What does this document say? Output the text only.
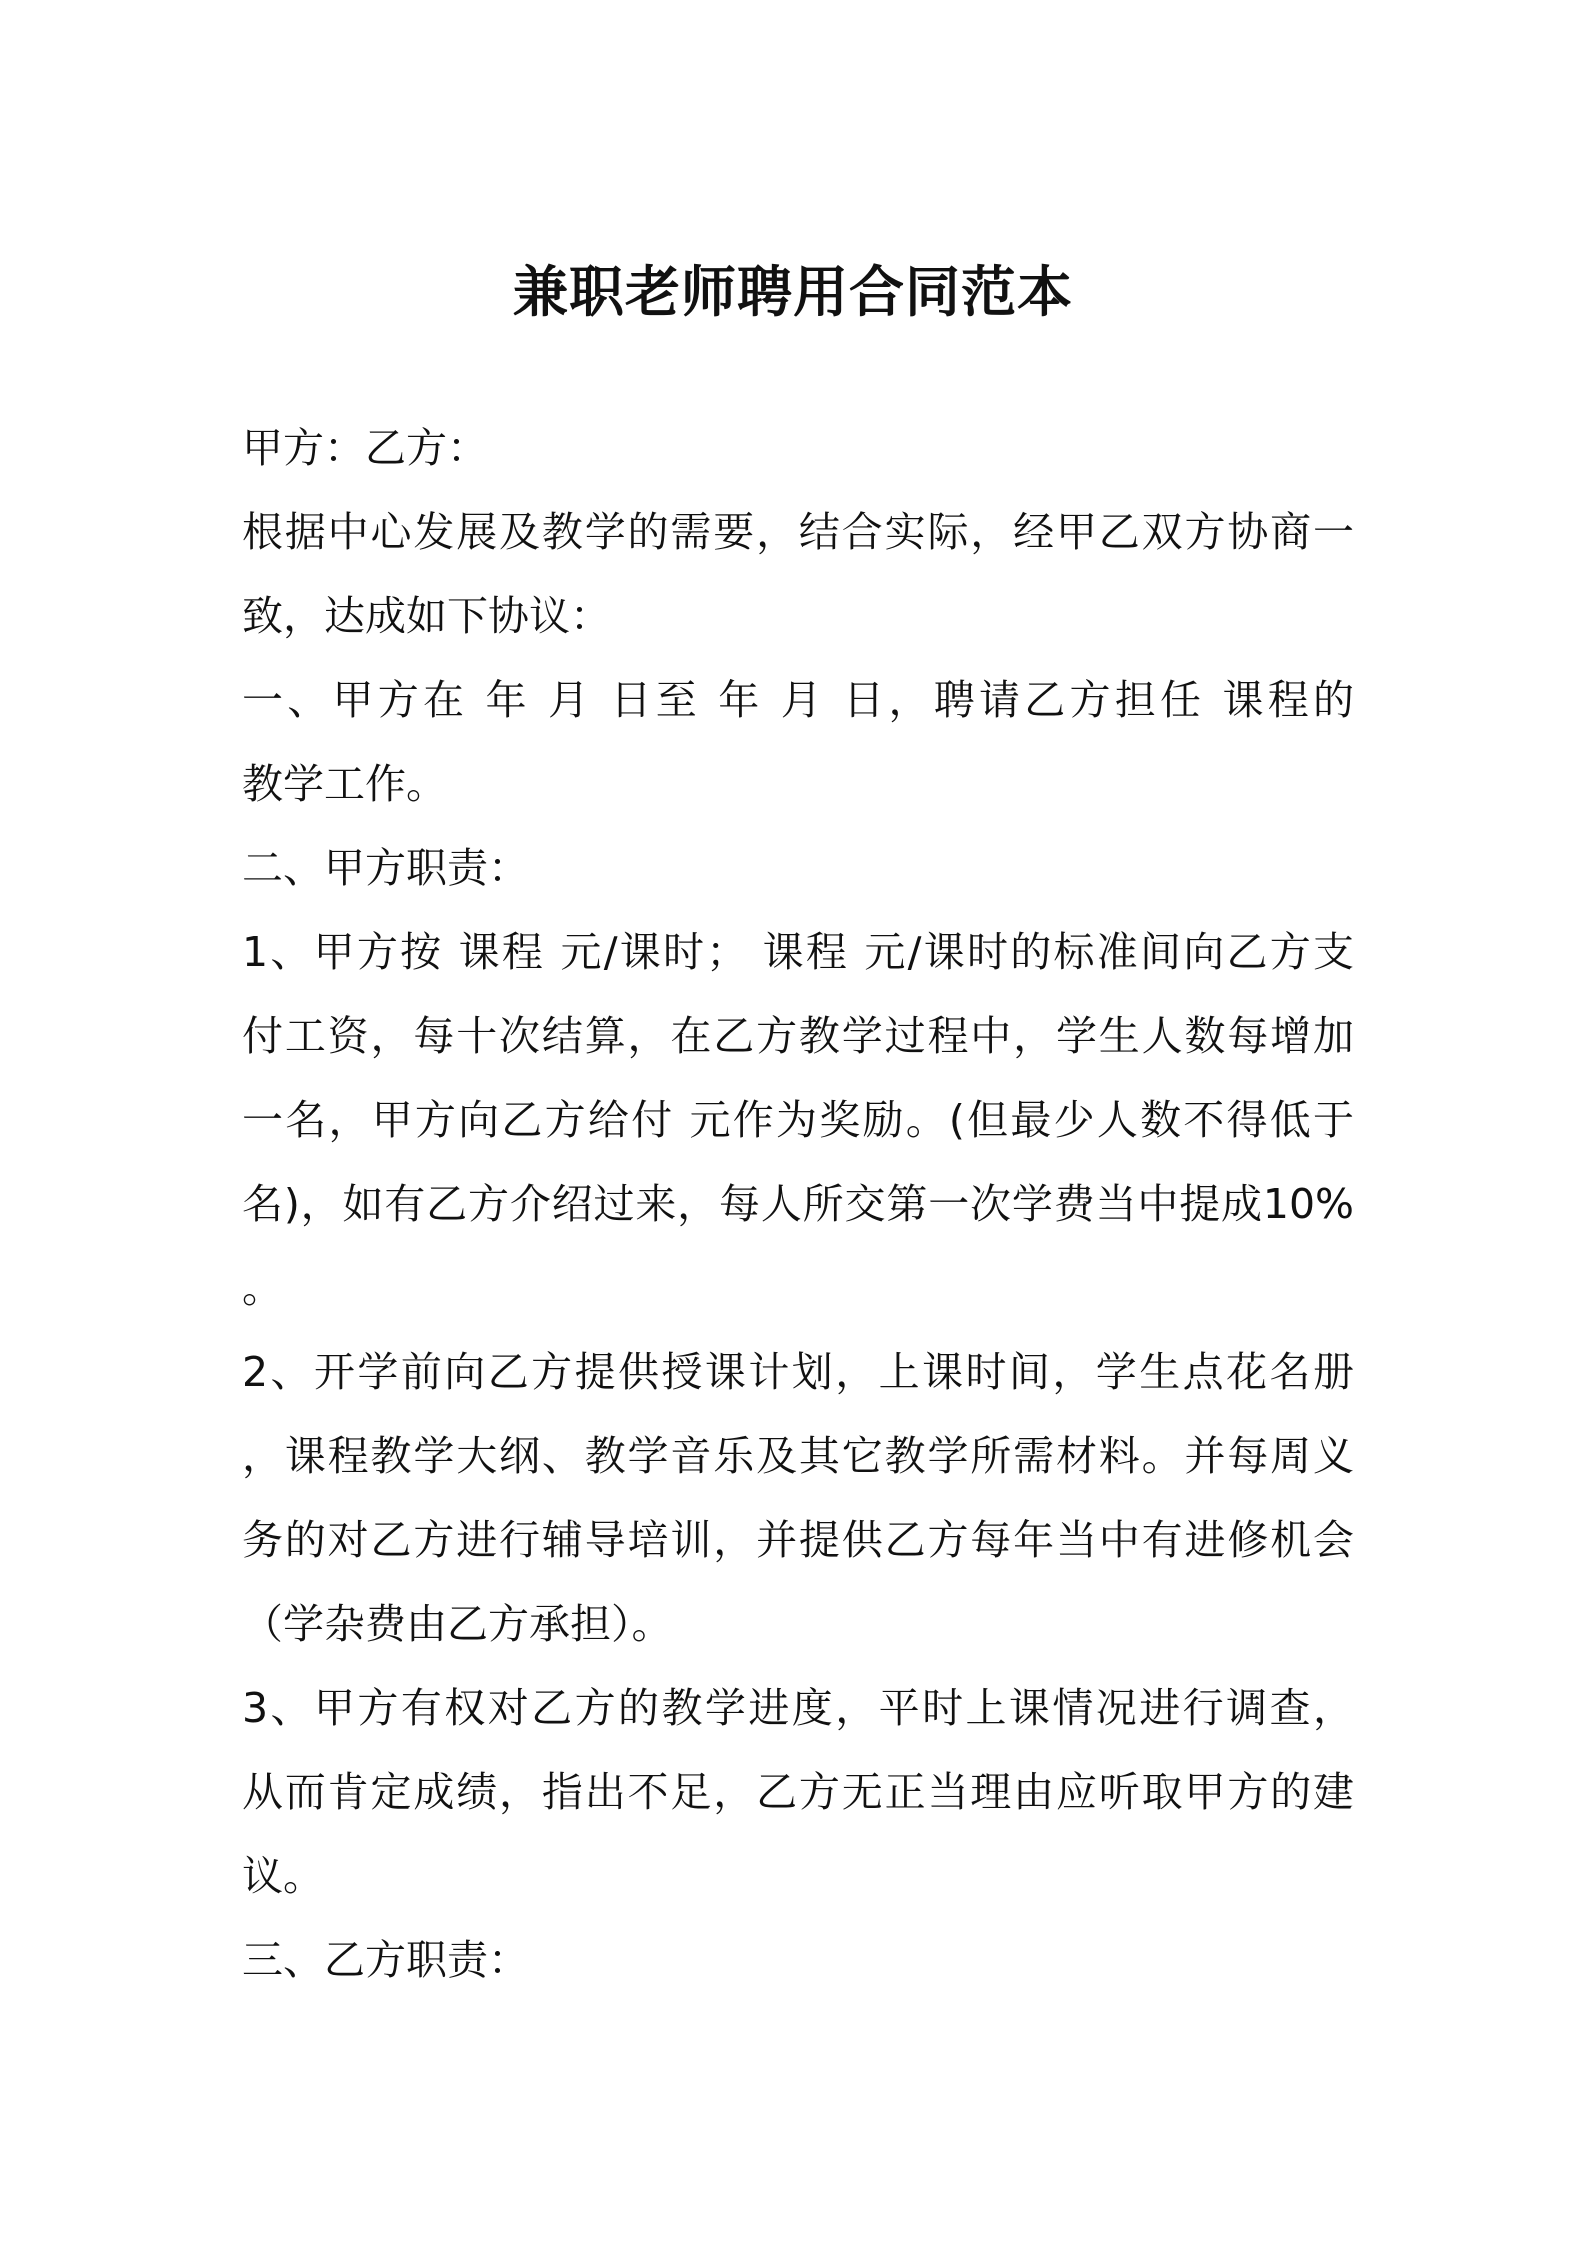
兼职老师聘用合同范本
甲方：乙方：
根据中心发展及教学的需要，结合实际，经甲乙双方协商一
致，达成如下协议：
一、甲方在 年 月 日至 年 月 日，聘请乙方担任 课程的
教学工作。
二、甲方职责：
1、甲方按 课程 元/课时； 课程 元/课时的标准间向乙方支
付工资，每十次结算，在乙方教学过程中，学生人数每增加
一名，甲方向乙方给付 元作为奖励。(但最少人数不得低于
名)，如有乙方介绍过来，每人所交第一次学费当中提成10%
。
2、开学前向乙方提供授课计划，上课时间，学生点花名册
，课程教学大纲、教学音乐及其它教学所需材料。并每周义
务的对乙方进行辅导培训，并提供乙方每年当中有进修机会
（学杂费由乙方承担）。
3、甲方有权对乙方的教学进度，平时上课情况进行调查，
从而肯定成绩，指出不足，乙方无正当理由应听取甲方的建
议。
三、乙方职责：
